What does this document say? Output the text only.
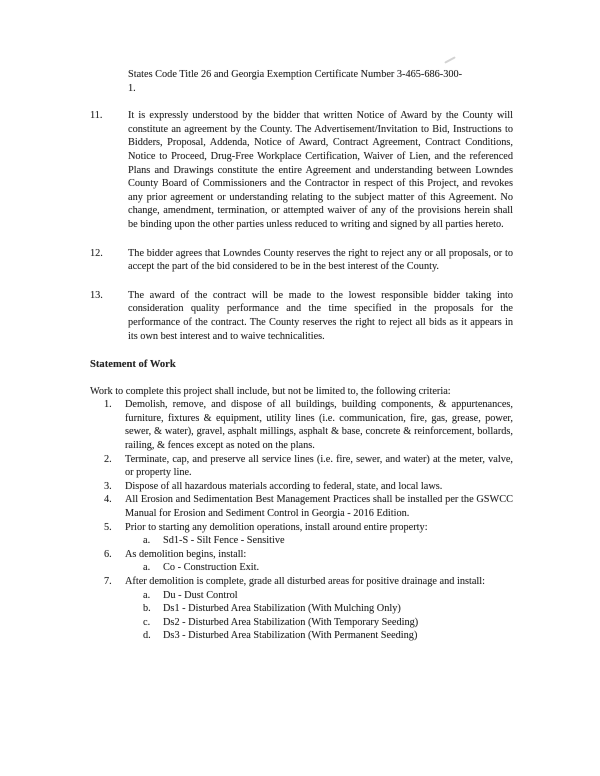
States Code Title 26 and Georgia Exemption Certificate Number 3-465-686-300-
1.
11.	It is expressly understood by the bidder that written Notice of Award by the County will constitute an agreement by the County. The Advertisement/Invitation to Bid, Instructions to Bidders, Proposal, Addenda, Notice of Award, Contract Agreement, Contract Conditions, Notice to Proceed, Drug-Free Workplace Certification, Waiver of Lien, and the referenced Plans and Drawings constitute the entire Agreement and understanding between Lowndes County Board of Commissioners and the Contractor in respect of this Project, and revokes any prior agreement or understanding relating to the subject matter of this Agreement. No change, amendment, termination, or attempted waiver of any of the provisions herein shall be binding upon the other parties unless reduced to writing and signed by all parties hereto.
12.	The bidder agrees that Lowndes County reserves the right to reject any or all proposals, or to accept the part of the bid considered to be in the best interest of the County.
13.	The award of the contract will be made to the lowest responsible bidder taking into consideration quality performance and the time specified in the proposals for the performance of the contract. The County reserves the right to reject all bids as it appears in its own best interest and to waive technicalities.
Statement of Work
Work to complete this project shall include, but not be limited to, the following criteria:
1.	Demolish, remove, and dispose of all buildings, building components, & appurtenances, furniture, fixtures & equipment, utility lines (i.e. communication, fire, gas, grease, power, sewer, & water), gravel, asphalt millings, asphalt & base, concrete & reinforcement, bollards, railing, & fences except as noted on the plans.
2.	Terminate, cap, and preserve all service lines (i.e. fire, sewer, and water) at the meter, valve, or property line.
3.	Dispose of all hazardous materials according to federal, state, and local laws.
4.	All Erosion and Sedimentation Best Management Practices shall be installed per the GSWCC Manual for Erosion and Sediment Control in Georgia - 2016 Edition.
5.	Prior to starting any demolition operations, install around entire property:
a.	Sd1-S - Silt Fence - Sensitive
6.	As demolition begins, install:
a.	Co - Construction Exit.
7.	After demolition is complete, grade all disturbed areas for positive drainage and install:
a.	Du - Dust Control
b.	Ds1 - Disturbed Area Stabilization (With Mulching Only)
c.	Ds2 - Disturbed Area Stabilization (With Temporary Seeding)
d.	Ds3 - Disturbed Area Stabilization (With Permanent Seeding)
